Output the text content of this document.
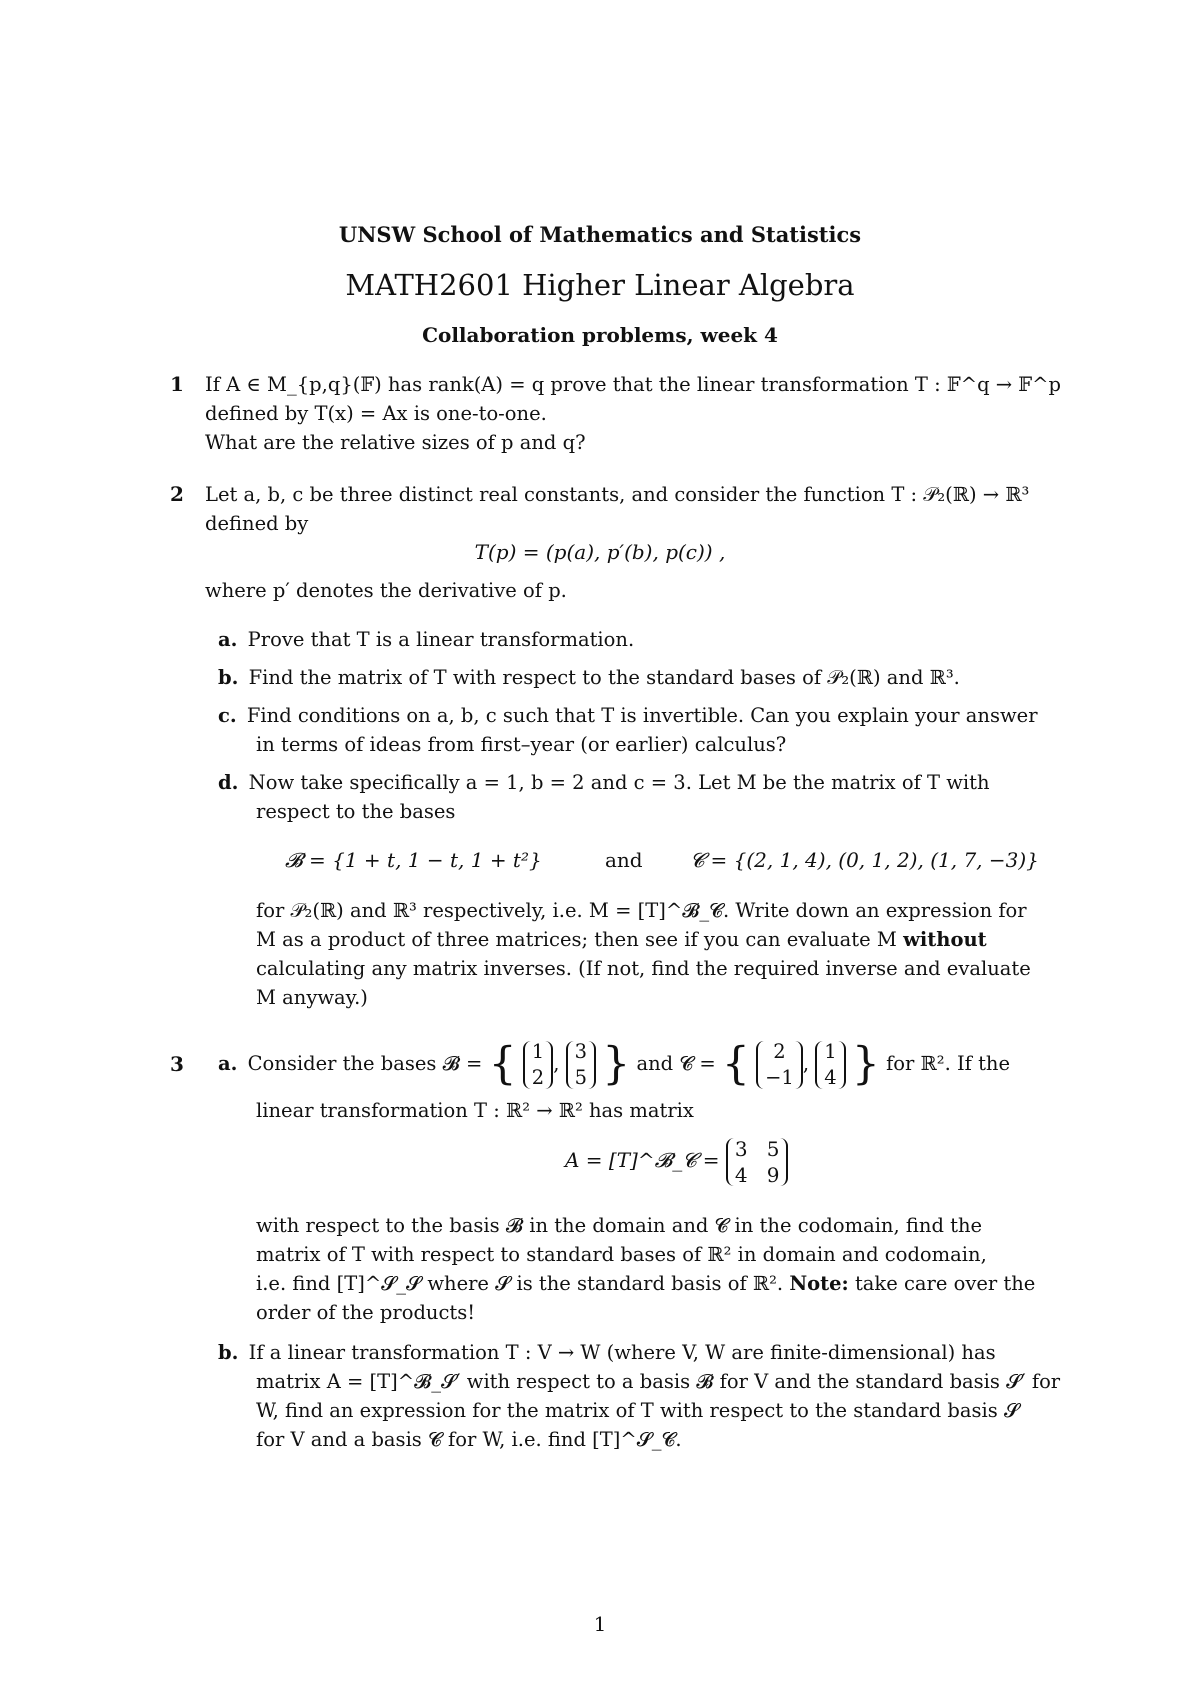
UNSW School of Mathematics and Statistics
MATH2601 Higher Linear Algebra
Collaboration problems, week 4
1 If A ∈ M_{p,q}(𝔽) has rank(A) = q prove that the linear transformation T : 𝔽^q → 𝔽^p
defined by T(x) = Ax is one-to-one.
What are the relative sizes of p and q?
2 Let a, b, c be three distinct real constants, and consider the function T : 𝒫₂(ℝ) → ℝ³
defined by
T(p) = (p(a), p′(b), p(c)) ,
where p′ denotes the derivative of p.
a. Prove that T is a linear transformation.
b. Find the matrix of T with respect to the standard bases of 𝒫₂(ℝ) and ℝ³.
c. Find conditions on a, b, c such that T is invertible. Can you explain your answer
in terms of ideas from first–year (or earlier) calculus?
d. Now take specifically a = 1, b = 2 and c = 3. Let M be the matrix of T with
respect to the bases
𝓑 = {1 + t, 1 − t, 1 + t²}	and 𝓒 = {(2, 1, 4), (0, 1, 2), (1, 7, −3)}
for 𝒫₂(ℝ) and ℝ³ respectively, i.e. M = [T]^𝓑_𝓒. Write down an expression for
M as a product of three matrices; then see if you can evaluate M without
calculating any matrix inverses. (If not, find the required inverse and evaluate
M anyway.)
3 a. Consider the bases 𝓑 = { 1
2
,
3
5 } and 𝓒 = {	2
−1
,
1
4 } for ℝ². If the
linear transformation T : ℝ² → ℝ² has matrix
A = [T]^𝓑_𝓒 = 3   5
4   9
with respect to the basis 𝓑 in the domain and 𝓒 in the codomain, find the
matrix of T with respect to standard bases of ℝ² in domain and codomain,
i.e. find [T]^𝓢_𝓢 where 𝓢 is the standard basis of ℝ². Note: take care over the
order of the products!
b. If a linear transformation T : V → W (where V, W are finite-dimensional) has
matrix A = [T]^𝓑_𝓢′ with respect to a basis 𝓑 for V and the standard basis 𝓢′ for
W, find an expression for the matrix of T with respect to the standard basis 𝓢
for V and a basis 𝓒 for W, i.e. find [T]^𝓢_𝓒.
1
